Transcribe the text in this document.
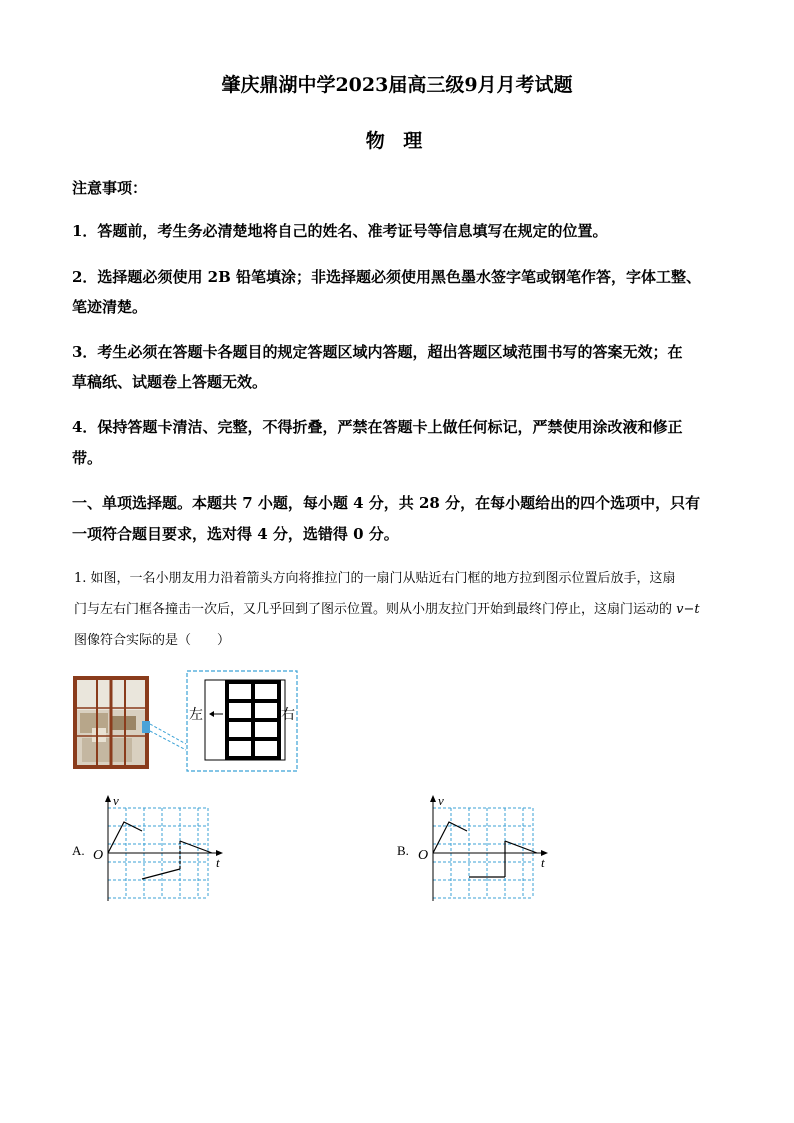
肇庆鼎湖中学2023届高三级9月月考试题
物 理
注意事项：
1．答题前，考生务必清楚地将自己的姓名、准考证号等信息填写在规定的位置。
2．选择题必须使用 2B 铅笔填涂；非选择题必须使用黑色墨水签字笔或钢笔作答，字体工整、
笔迹清楚。
3．考生必须在答题卡各题目的规定答题区域内答题，超出答题区域范围书写的答案无效；在
草稿纸、试题卷上答题无效。
4．保持答题卡清洁、完整，不得折叠，严禁在答题卡上做任何标记，严禁使用涂改液和修正
带。
一、单项选择题。本题共 7 小题，每小题 4 分，共 28 分，在每小题给出的四个选项中，只有
一项符合题目要求，选对得 4 分，选错得 0 分。
1. 如图，一名小朋友用力沿着箭头方向将推拉门的一扇门从贴近右门框的地方拉到图示位置后放手，这扇
门与左右门框各撞击一次后，又几乎回到了图示位置。则从小朋友拉门开始到最终门停止，这扇门运动的 v−t
图像符合实际的是（　　）
左	右
A.
v
t
O	B.
v
t
O
